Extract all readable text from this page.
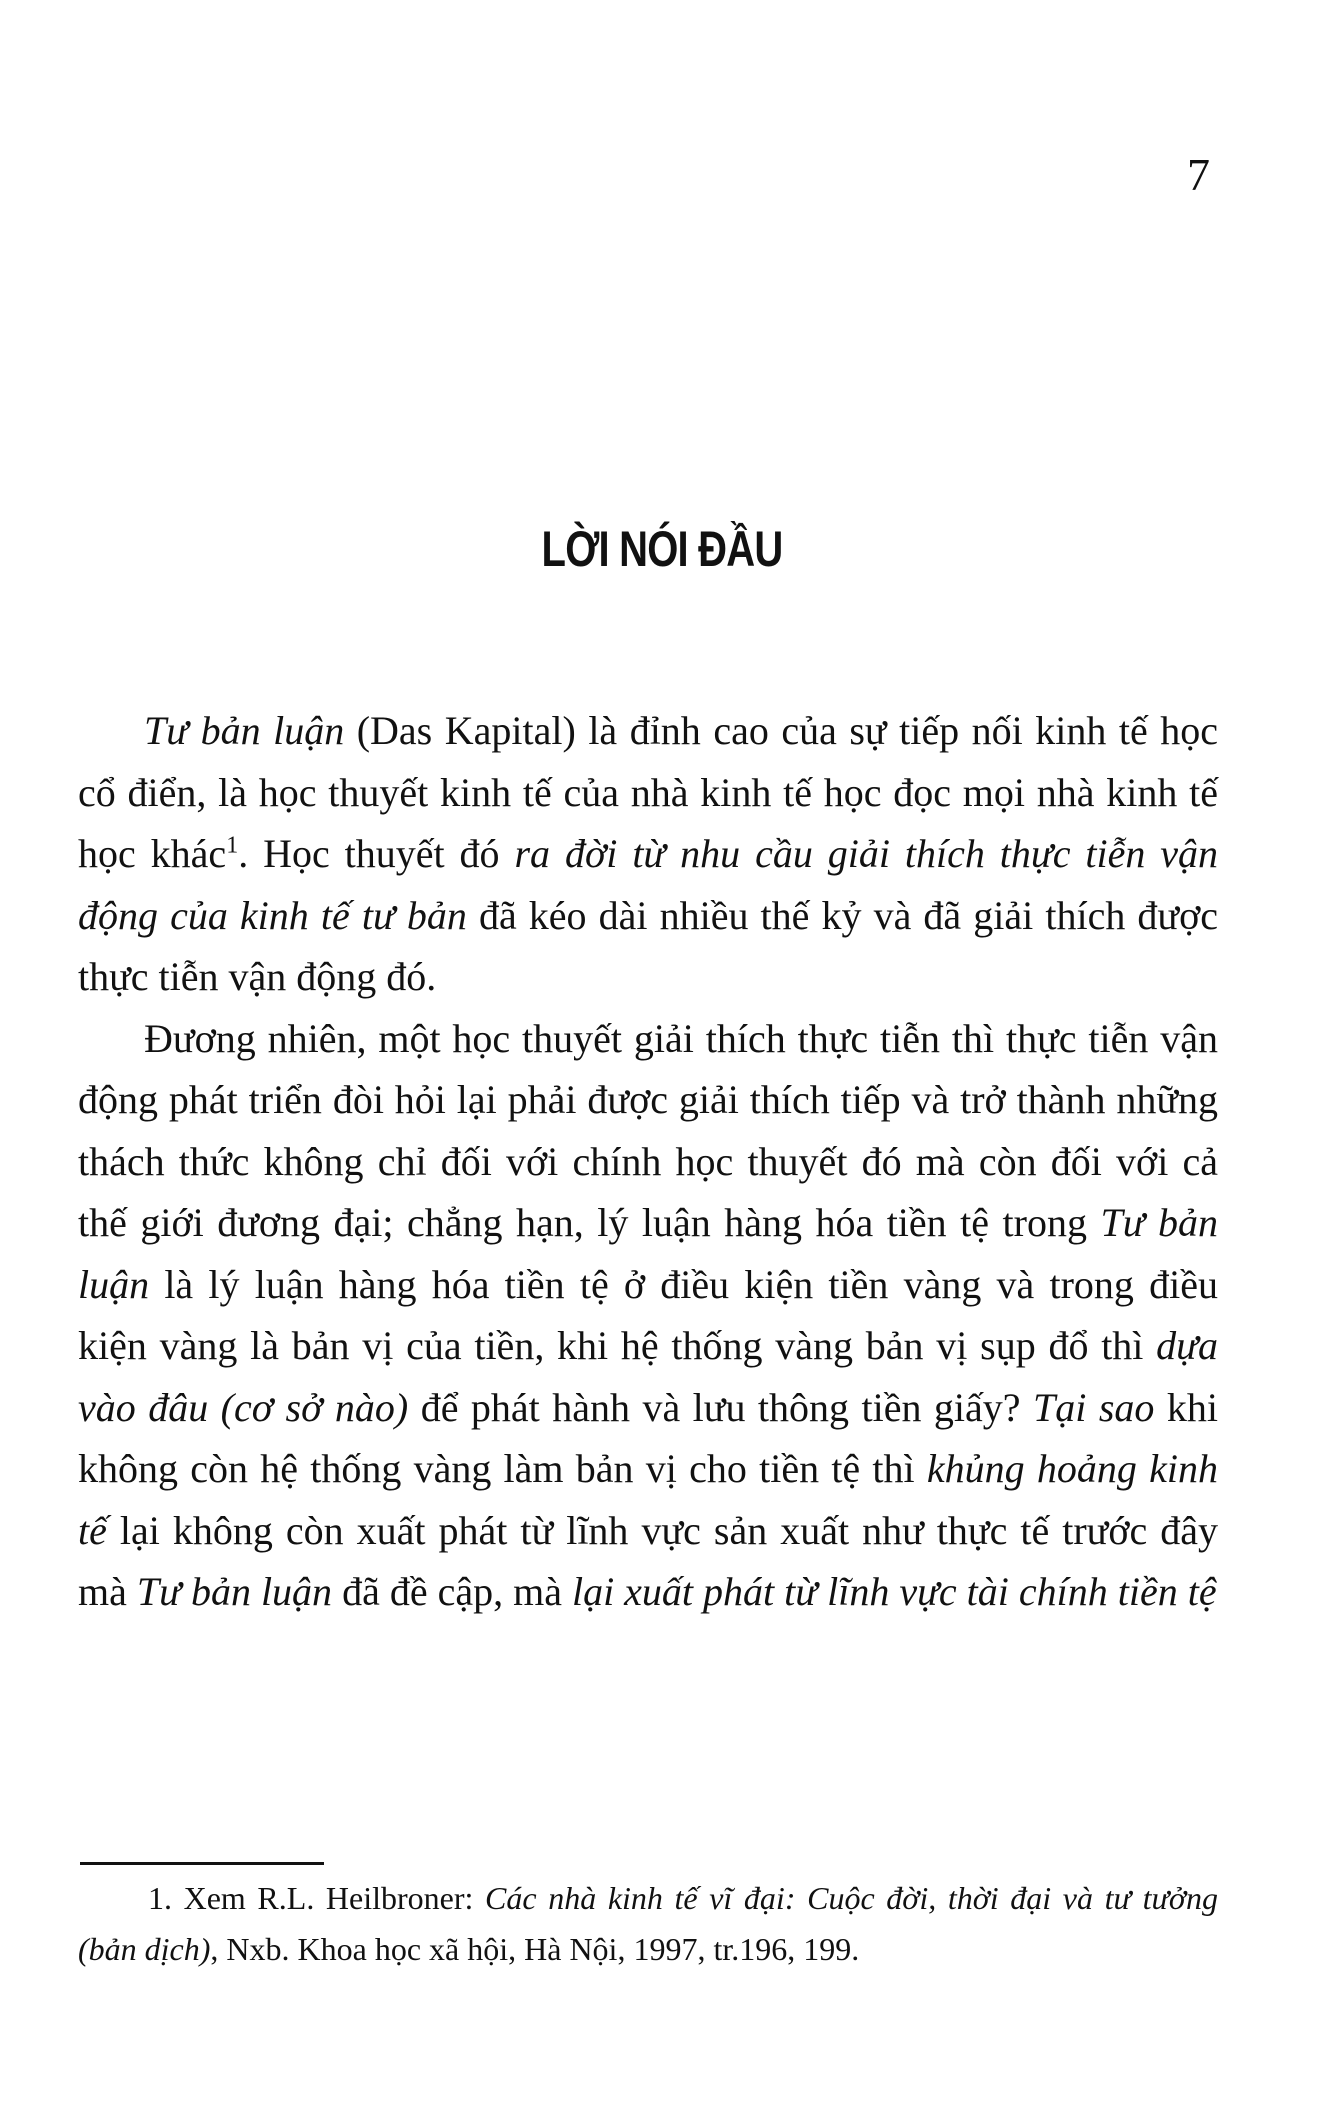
7
LỜI NÓI ĐẦU

Tư bản luận (Das Kapital) là đỉnh cao của sự tiếp nối kinh tế học cổ điển, là học thuyết kinh tế của nhà kinh tế học đọc mọi nhà kinh tế học khác$^1$. Học thuyết đó ra đời từ nhu cầu giải thích thực tiễn vận động của kinh tế tư bản đã kéo dài nhiều thế kỷ và đã giải thích được thực tiễn vận động đó.

Đương nhiên, một học thuyết giải thích thực tiễn thì thực tiễn vận động phát triển đòi hỏi lại phải được giải thích tiếp và trở thành những thách thức không chỉ đối với chính học thuyết đó mà còn đối với cả thế giới đương đại; chẳng hạn, lý luận hàng hóa tiền tệ trong Tư bản luận là lý luận hàng hóa tiền tệ ở điều kiện tiền vàng và trong điều kiện vàng là bản vị của tiền, khi hệ thống vàng bản vị sụp đổ thì dựa vào đâu (cơ sở nào) để phát hành và lưu thông tiền giấy? Tại sao khi không còn hệ thống vàng làm bản vị cho tiền tệ thì khủng hoảng kinh tế lại không còn xuất phát từ lĩnh vực sản xuất như thực tế trước đây mà Tư bản luận đã đề cập, mà lại xuất phát từ lĩnh vực tài chính tiền tệ

1. Xem R.L. Heilbroner: Các nhà kinh tế vĩ đại: Cuộc đời, thời đại và tư tưởng (bản dịch), Nxb. Khoa học xã hội, Hà Nội, 1997, tr.196, 199.
